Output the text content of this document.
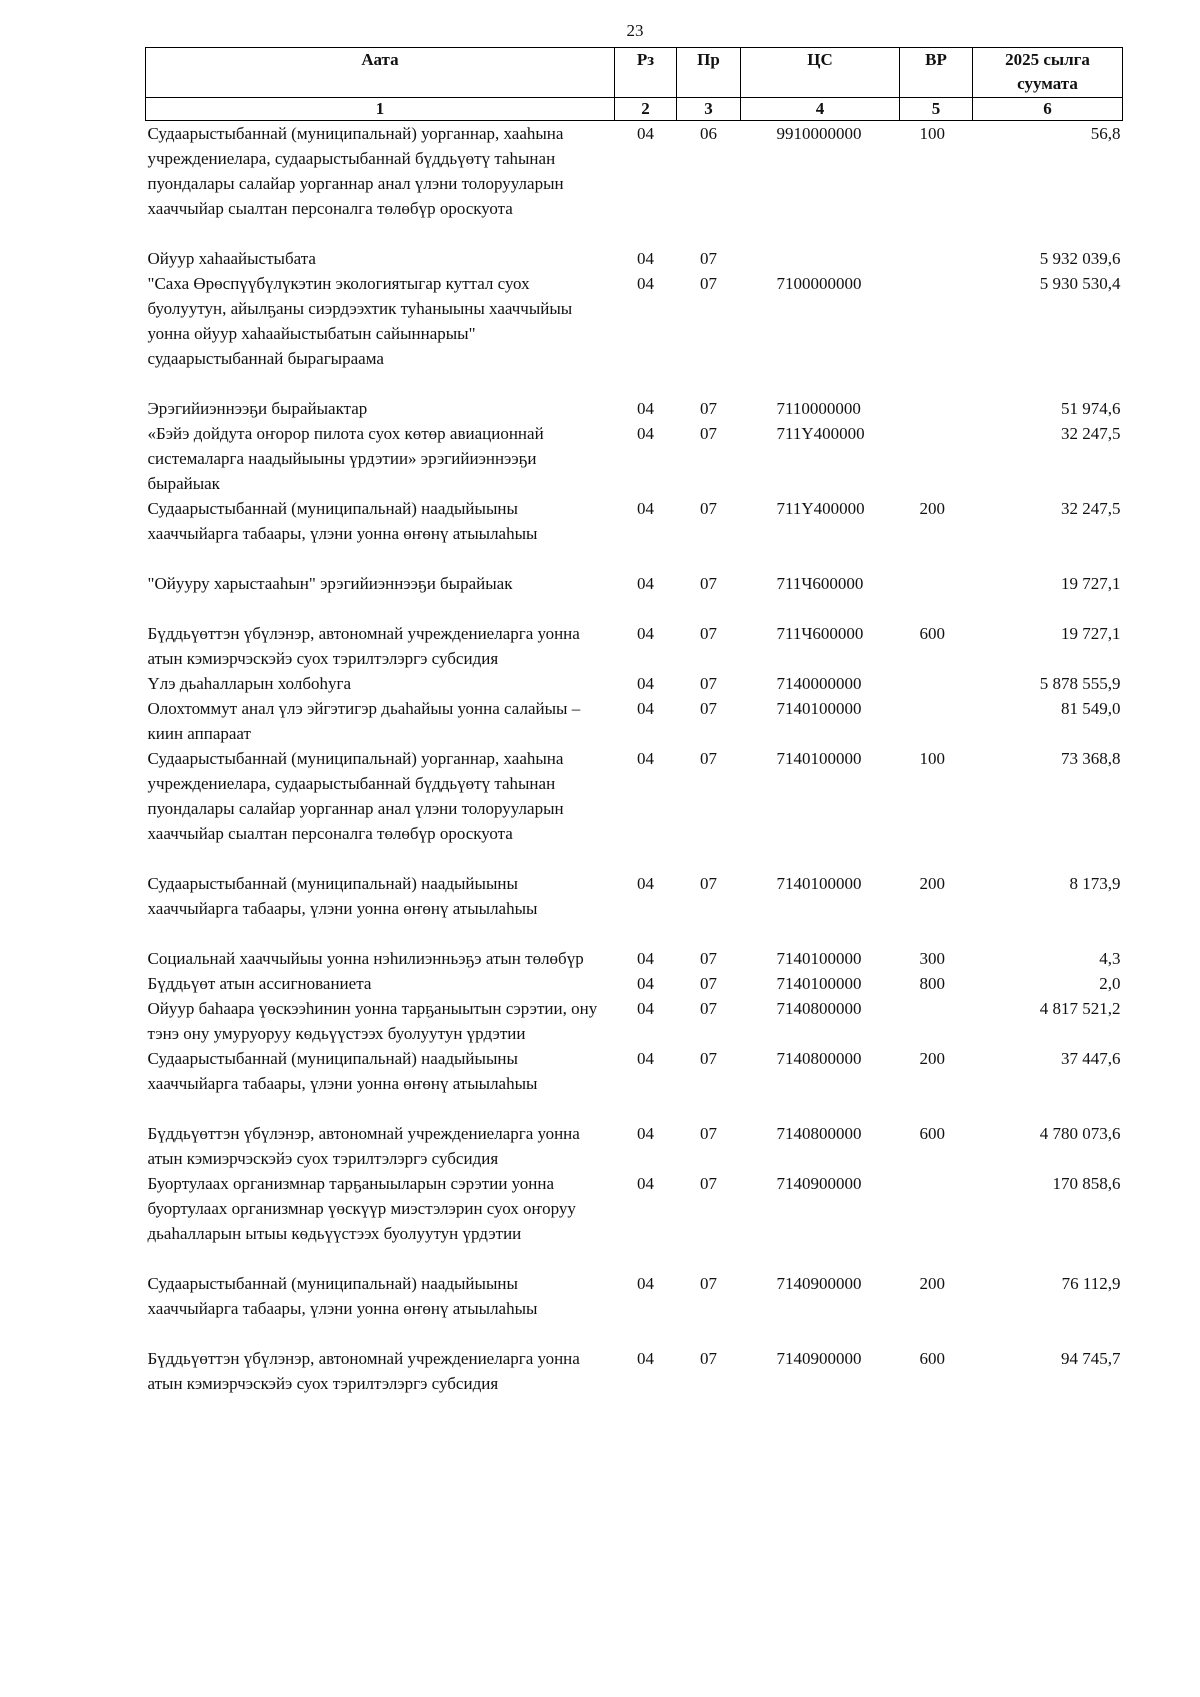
23
Аата	Рз	Пр	ЦС	ВР	2025 сылга суумата
1	2	3	4	5	6
Судаарыстыбаннай (муниципальнай) уорганнар, хааһына учреждениелара, судаарыстыбаннай бүддьүөтү таһынан пуондалары салайар уорганнар анал үлэни толорууларын хааччыйар сыалтан персоналга төлөбүр ороскуота	04	06	9910000000	100	56,8
Ойуур хаһаайыстыбата	04	07			5 932 039,6
"Саха Өрөспүүбүлүкэтин экологиятыгар куттал суох буолуутун, айылҕаны сиэрдээхтик туһаныыны хааччыйыы уонна ойуур хаһаайыстыбатын сайыннарыы" судаарыстыбаннай бырагыраама	04	07	7100000000		5 930 530,4
Эрэгийиэннээҕи бырайыактар	04	07	7110000000		51 974,6
«Бэйэ дойдута оҥорор пилота суох көтөр авиационнай системаларга наадыйыыны үрдэтии» эрэгийиэннээҕи бырайыак	04	07	711Y400000		32 247,5
Судаарыстыбаннай (муниципальнай) наадыйыыны хааччыйарга табаары, үлэни уонна өҥөнү атыылаһыы	04	07	711Y400000	200	32 247,5
"Ойууру харыстааһын" эрэгийиэннээҕи бырайыак	04	07	711Ч600000		19 727,1
Бүддьүөттэн үбүлэнэр, автономнай учреждениеларга уонна атын кэмиэрчэскэйэ суох тэрилтэлэргэ субсидия	04	07	711Ч600000	600	19 727,1
Үлэ дьаһалларын холбоһуга	04	07	7140000000		5 878 555,9
Олохтоммут анал үлэ эйгэтигэр дьаһайыы уонна салайыы – киин аппараат	04	07	7140100000		81 549,0
Судаарыстыбаннай (муниципальнай) уорганнар, хааһына учреждениелара, судаарыстыбаннай бүддьүөтү таһынан пуондалары салайар уорганнар анал үлэни толорууларын хааччыйар сыалтан персоналга төлөбүр ороскуота	04	07	7140100000	100	73 368,8
Судаарыстыбаннай (муниципальнай) наадыйыыны хааччыйарга табаары, үлэни уонна өҥөнү атыылаһыы	04	07	7140100000	200	8 173,9
Социальнай хааччыйыы уонна нэһилиэнньэҕэ атын төлөбүр	04	07	7140100000	300	4,3
Бүддьүөт атын ассигнованиета	04	07	7140100000	800	2,0
Ойуур баһаара үөскээһинин уонна тарҕаныытын сэрэтии, ону тэнэ ону умуруоруу кѳдьүүстээх буолуутун үрдэтии	04	07	7140800000		4 817 521,2
Судаарыстыбаннай (муниципальнай) наадыйыыны хааччыйарга табаары, үлэни уонна өҥөнү атыылаһыы	04	07	7140800000	200	37 447,6
Бүддьүөттэн үбүлэнэр, автономнай учреждениеларга уонна атын кэмиэрчэскэйэ суох тэрилтэлэргэ субсидия	04	07	7140800000	600	4 780 073,6
Буортулаах организмнар тарҕаныыларын сэрэтии уонна буортулаах организмнар үөскүүр миэстэлэрин суох оҥоруу дьаһалларын ытыы кѳдьүүстээх буолуутун үрдэтии	04	07	7140900000		170 858,6
Судаарыстыбаннай (муниципальнай) наадыйыыны хааччыйарга табаары, үлэни уонна өҥөнү атыылаһыы	04	07	7140900000	200	76 112,9
Бүддьүөттэн үбүлэнэр, автономнай учреждениеларга уонна атын кэмиэрчэскэйэ суох тэрилтэлэргэ субсидия	04	07	7140900000	600	94 745,7
